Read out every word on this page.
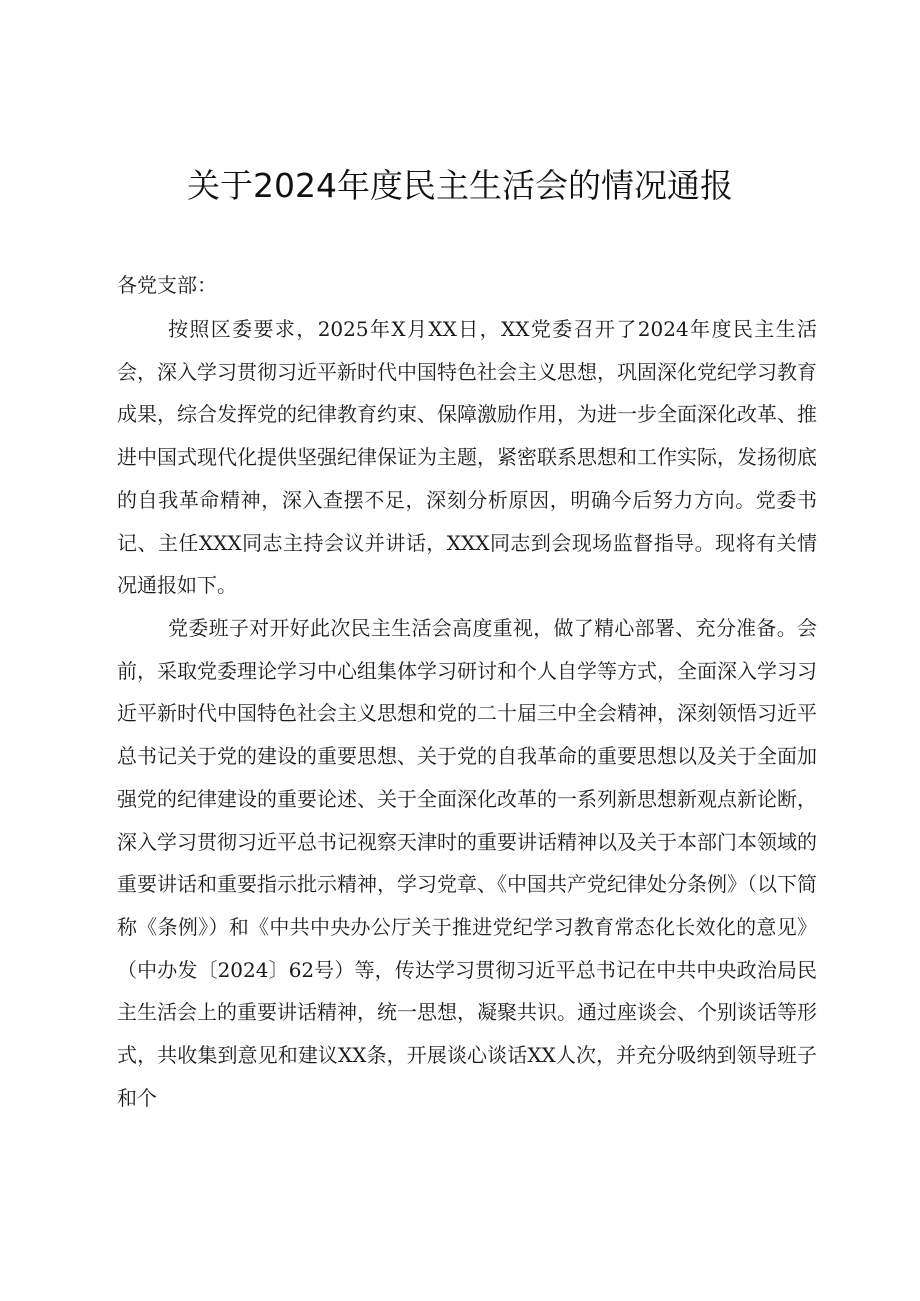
关于2024年度民主生活会的情况通报
各党支部：

按照区委要求，2025年X月XX日，XX党委召开了2024年度民主生活会，深入学习贯彻习近平新时代中国特色社会主义思想，巩固深化党纪学习教育成果，综合发挥党的纪律教育约束、保障激励作用，为进一步全面深化改革、推进中国式现代化提供坚强纪律保证为主题，紧密联系思想和工作实际，发扬彻底的自我革命精神，深入查摆不足，深刻分析原因，明确今后努力方向。党委书记、主任XXX同志主持会议并讲话，XXX同志到会现场监督指导。现将有关情况通报如下。

党委班子对开好此次民主生活会高度重视，做了精心部署、充分准备。会前，采取党委理论学习中心组集体学习研讨和个人自学等方式，全面深入学习习近平新时代中国特色社会主义思想和党的二十届三中全会精神，深刻领悟习近平总书记关于党的建设的重要思想、关于党的自我革命的重要思想以及关于全面加强党的纪律建设的重要论述、关于全面深化改革的一系列新思想新观点新论断，深入学习贯彻习近平总书记视察天津时的重要讲话精神以及关于本部门本领域的重要讲话和重要指示批示精神，学习党章、《中国共产党纪律处分条例》（以下简称《条例》）和《中共中央办公厅关于推进党纪学习教育常态化长效化的意见》（中办发〔2024〕62号）等，传达学习贯彻习近平总书记在中共中央政治局民主生活会上的重要讲话精神，统一思想，凝聚共识。通过座谈会、个别谈话等形式，共收集到意见和建议XX条，开展谈心谈话XX人次，并充分吸纳到领导班子和个
